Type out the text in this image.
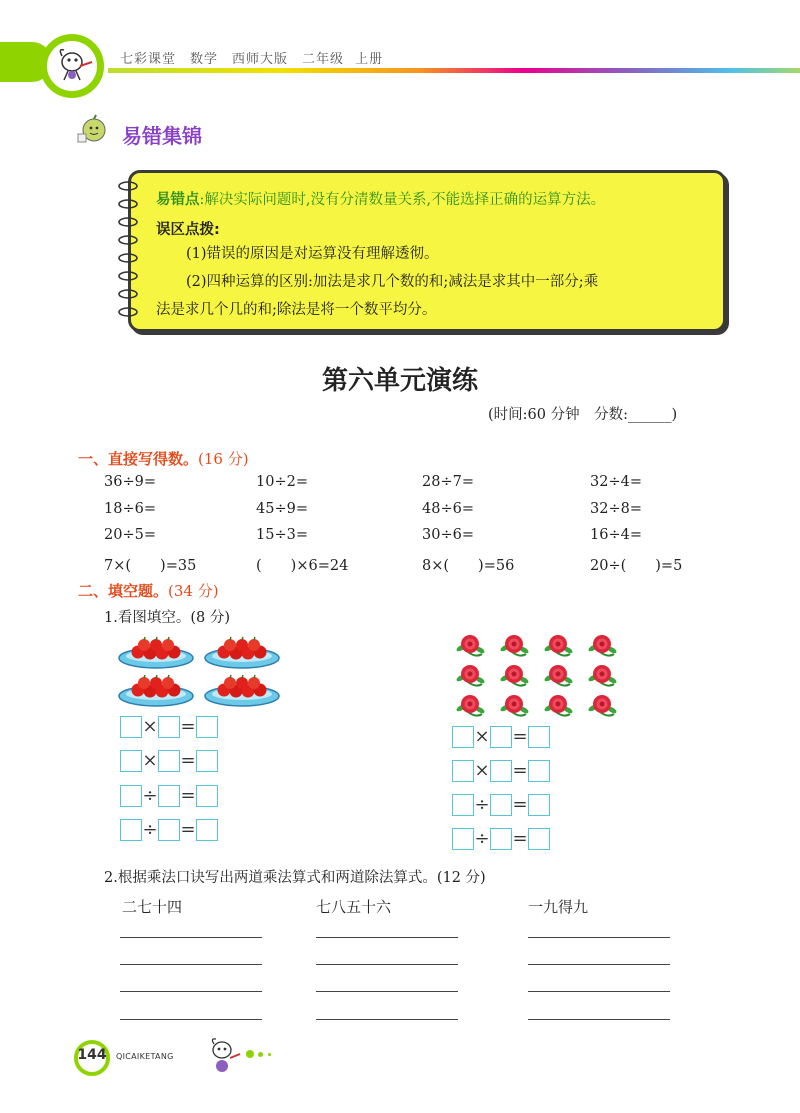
七彩课堂　数学　西师大版　二年级 上册
易错集锦
易错点:解决实际问题时,没有分清数量关系,不能选择正确的运算方法。
误区点拨:
(1)错误的原因是对运算没有理解透彻。
(2)四种运算的区别:加法是求几个数的和;减法是求其中一部分;乘
法是求几个几的和;除法是将一个数平均分。
第六单元演练
(时间:60 分钟　分数:______)
一、直接写得数。(16 分)
36÷9=	10÷2=	28÷7=	32÷4=
18÷6=	45÷9=	48÷6=	32÷8=
20÷5=	15÷3=	30÷6=	16÷4=
7×(　　)=35	(　　)×6=24	8×(　　)=56	20÷(　　)=5
二、填空题。(34 分)
1.看图填空。(8 分)
× =
× =
÷ =
÷ =
× =
× =
÷ =
÷ =
2.根据乘法口诀写出两道乘法算式和两道除法算式。(12 分)
二七十四	七八五十六	一九得九
144	QICAIKETANG
